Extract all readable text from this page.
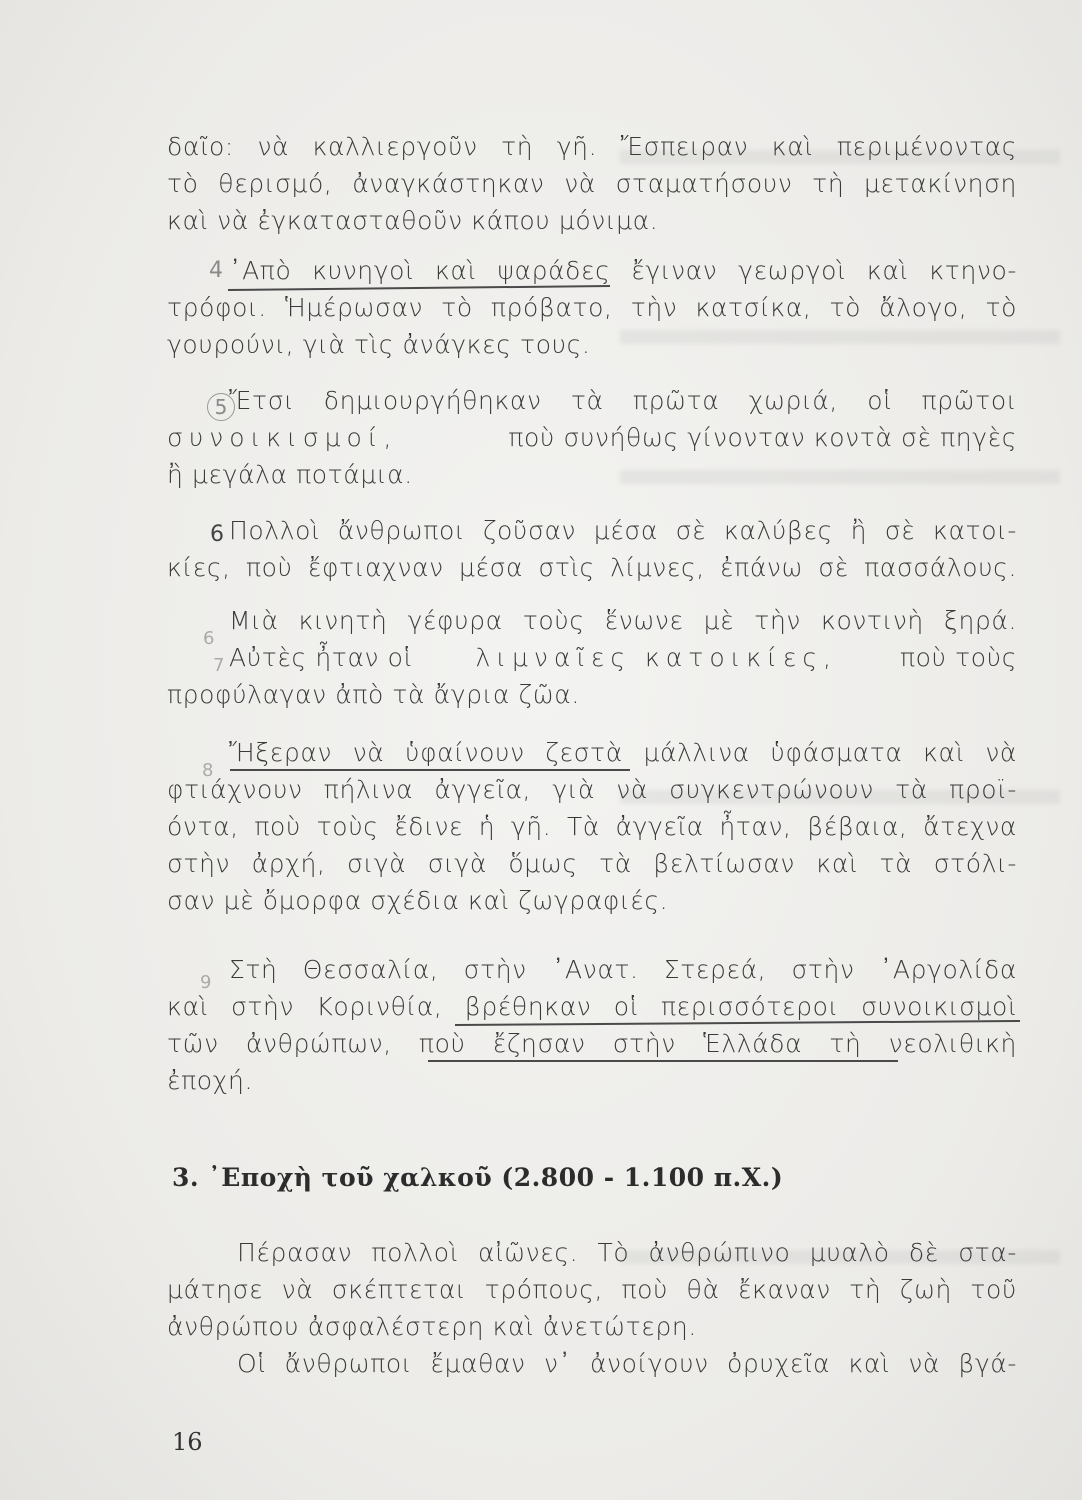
δαῖο: νὰ καλλιεργοῦν τὴ γῆ. Ἔσπειραν καὶ περιμένοντας
τὸ θερισμό, ἀναγκάστηκαν νὰ σταματήσουν τὴ μετακίνηση
καὶ νὰ ἐγκατασταθοῦν κάπου μόνιμα.
᾿Απὸ κυνηγοὶ καὶ ψαράδες ἔγιναν γεωργοὶ καὶ κτηνο-
τρόφοι. Ἡμέρωσαν τὸ πρόβατο, τὴν κατσίκα, τὸ ἄλογο, τὸ
γουρούνι, γιὰ τὶς ἀνάγκες τους.
Ἔτσι δημιουργήθηκαν τὰ πρῶτα χωριά, οἱ πρῶτοι
συνοικισμοί,	ποὺ συνήθως γίνονταν κοντὰ σὲ πηγὲς
ἢ μεγάλα ποτάμια.
Πολλοὶ ἄνθρωποι ζοῦσαν μέσα σὲ καλύβες ἢ σὲ κατοι-
κίες, ποὺ ἔφτιαχναν μέσα στὶς λίμνες, ἐπάνω σὲ πασσάλους.
Μιὰ κινητὴ γέφυρα τοὺς ἕνωνε μὲ τὴν κοντινὴ ξηρά.
Αὐτὲς ἦταν οἱ	λιμναῖες κατοικίες,	ποὺ τοὺς
προφύλαγαν ἀπὸ τὰ ἄγρια ζῶα.
Ἤξεραν νὰ ὑφαίνουν ζεστὰ μάλλινα ὑφάσματα καὶ νὰ
φτιάχνουν πήλινα ἀγγεῖα, γιὰ νὰ συγκεντρώνουν τὰ προϊ-
όντα, ποὺ τοὺς ἔδινε ἡ γῆ. Τὰ ἀγγεῖα ἦταν, βέβαια, ἄτεχνα
στὴν ἀρχή, σιγὰ σιγὰ ὅμως τὰ βελτίωσαν καὶ τὰ στόλι-
σαν μὲ ὄμορφα σχέδια καὶ ζωγραφιές.
Στὴ Θεσσαλία, στὴν ᾿Ανατ. Στερεά, στὴν ᾿Αργολίδα
καὶ στὴν Κορινθία, βρέθηκαν οἱ περισσότεροι συνοικισμοὶ
τῶν ἀνθρώπων, ποὺ ἔζησαν στὴν Ἑλλάδα τὴ νεολιθικὴ
ἐποχή.
3. ᾿Εποχὴ τοῦ χαλκοῦ (2.800 - 1.100 π.Χ.)
Πέρασαν πολλοὶ αἰῶνες. Τὸ ἀνθρώπινο μυαλὸ δὲ στα-
μάτησε νὰ σκέπτεται τρόπους, ποὺ θὰ ἔκαναν τὴ ζωὴ τοῦ
ἀνθρώπου ἀσφαλέστερη καὶ ἀνετώτερη.
Οἱ ἄνθρωποι ἔμαθαν ν᾿ ἀνοίγουν ὀρυχεῖα καὶ νὰ βγά-
4
5
6
6
7
8
9
16
